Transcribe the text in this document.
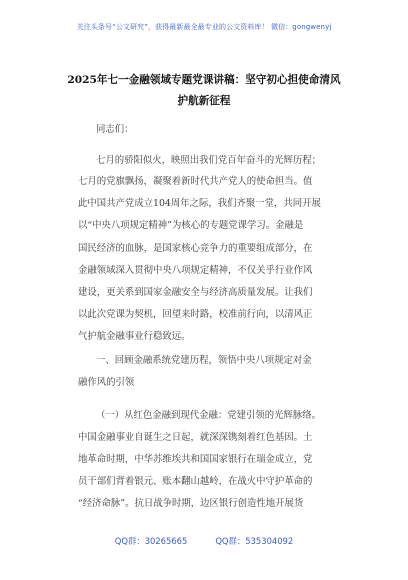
关注头条号“公文研究”，获得最新最全最专业的公文资料库！ 微信：gongwenyj
2025年七一金融领域专题党课讲稿：坚守初心担使命清风
护航新征程
同志们：
七月的骄阳似火，映照出我们党百年奋斗的光辉历程；
七月的党旗飘扬，凝聚着新时代共产党人的使命担当。值
此中国共产党成立104周年之际，我们齐聚一堂，共同开展
以“中央八项规定精神”为核心的专题党课学习。金融是
国民经济的血脉，是国家核心竞争力的重要组成部分，在
金融领域深入贯彻中央八项规定精神，不仅关乎行业作风
建设，更关系到国家金融安全与经济高质量发展。让我们
以此次党课为契机，回望来时路，校准前行向，以清风正
气护航金融事业行稳致远。
一、回顾金融系统党建历程，领悟中央八项规定对金
融作风的引领
（一）从红色金融到现代金融：党建引领的光辉脉络。
中国金融事业自诞生之日起，就深深镌刻着红色基因。土
地革命时期，中华苏维埃共和国国家银行在瑞金成立，党
员干部们背着银元、账本翻山越岭，在战火中守护革命的
“经济命脉”。抗日战争时期，边区银行创造性地开展货
QQ群：30265665	QQ群：535304092
